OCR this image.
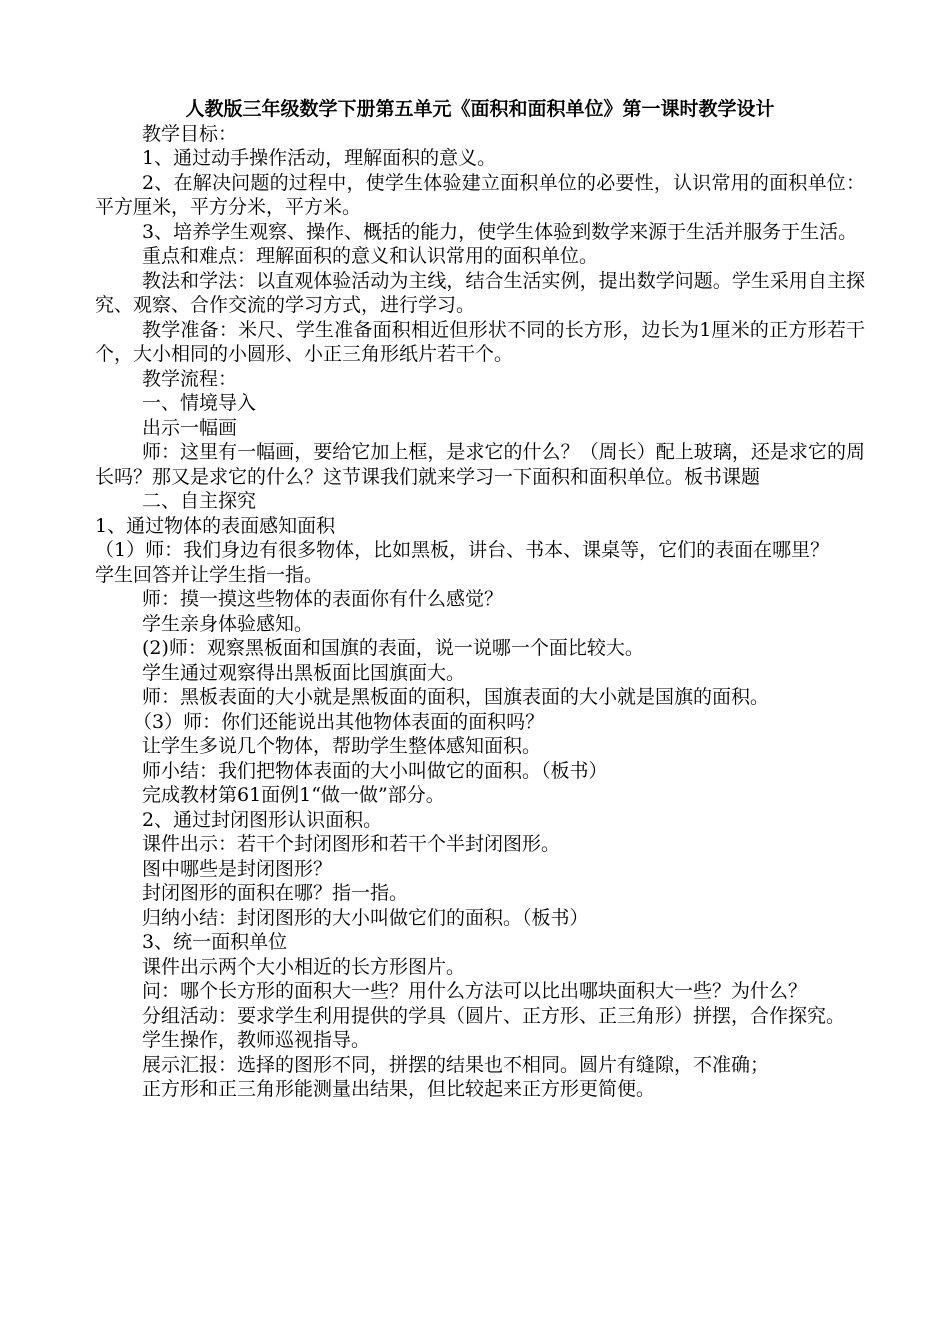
人教版三年级数学下册第五单元《面积和面积单位》第一课时教学设计

教学目标：

1、通过动手操作活动，理解面积的意义。

2、在解决问题的过程中，使学生体验建立面积单位的必要性，认识常用的面积单位：平方厘米，平方分米，平方米。

3、培养学生观察、操作、概括的能力，使学生体验到数学来源于生活并服务于生活。

重点和难点：理解面积的意义和认识常用的面积单位。

教法和学法：以直观体验活动为主线，结合生活实例，提出数学问题。学生采用自主探究、观察、合作交流的学习方式，进行学习。

教学准备：米尺、学生准备面积相近但形状不同的长方形，边长为1厘米的正方形若干个，大小相同的小圆形、小正三角形纸片若干个。

教学流程：

一、情境导入

出示一幅画

师：这里有一幅画，要给它加上框，是求它的什么？（周长）配上玻璃，还是求它的周长吗？那又是求它的什么？这节课我们就来学习一下面积和面积单位。板书课题

二、自主探究

1、通过物体的表面感知面积

（1）师：我们身边有很多物体，比如黑板，讲台、书本、课桌等，它们的表面在哪里？

学生回答并让学生指一指。

师：摸一摸这些物体的表面你有什么感觉？

学生亲身体验感知。

(2)师：观察黑板面和国旗的表面，说一说哪一个面比较大。

学生通过观察得出黑板面比国旗面大。

师：黑板表面的大小就是黑板面的面积，国旗表面的大小就是国旗的面积。

（3）师：你们还能说出其他物体表面的面积吗？

让学生多说几个物体，帮助学生整体感知面积。

师小结：我们把物体表面的大小叫做它的面积。（板书）

完成教材第61面例1“做一做”部分。

2、通过封闭图形认识面积。

课件出示：若干个封闭图形和若干个半封闭图形。

图中哪些是封闭图形？

封闭图形的面积在哪？指一指。

归纳小结：封闭图形的大小叫做它们的面积。（板书）

3、统一面积单位

课件出示两个大小相近的长方形图片。

问：哪个长方形的面积大一些？用什么方法可以比出哪块面积大一些？为什么？

分组活动：要求学生利用提供的学具（圆片、正方形、正三角形）拼摆，合作探究。

学生操作，教师巡视指导。

展示汇报：选择的图形不同，拼摆的结果也不相同。圆片有缝隙，不准确；

正方形和正三角形能测量出结果，但比较起来正方形更简便。
